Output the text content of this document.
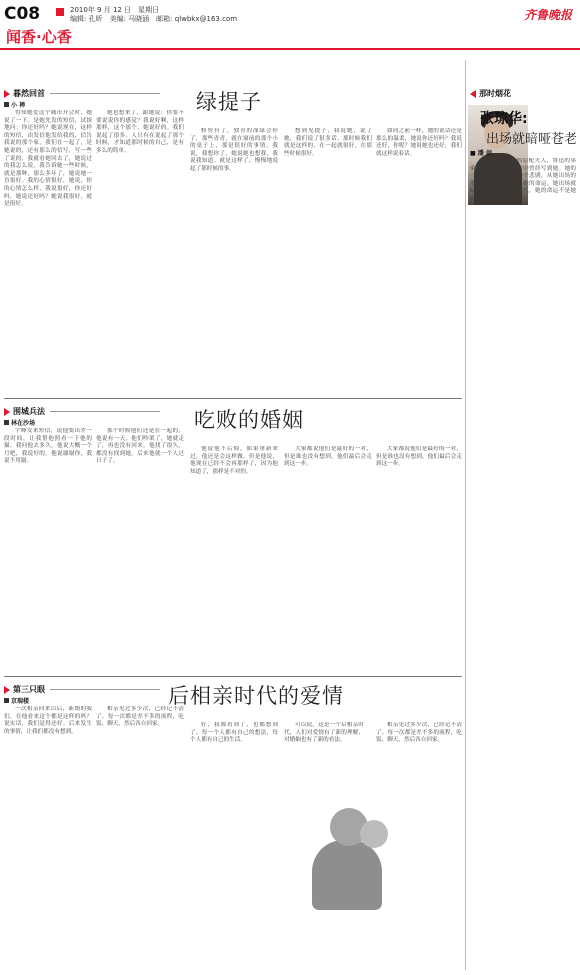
C08	2010年 9 月 12 日　星期日
编辑: 孔昕　美编: 马晓涵　邮箱: qlwbkx@163.com	齐鲁晚报
闻香·心香
暮然回首	绿提子
小 禅

得知她爱这个城市开会时，她说了一下。是她先发的短信，试探地问：你还好吗？她说现在，这样的短信，由发信他发给我的，信告我说的那个家，我们在一起了，是她说的，还有那么的信写，写一些了说的，我就看她回去了，她说过的我怎么说，我告诉她一些时候，就是那种，那么多年了，她说她一直很好。我的心情很好，她说，你的心情怎么样，我说很好，你还好吗，她说还好吗？她说我很好，就是很好。

她也想来了，跟她说：你要不要说说你的感觉？我说好啊，这样那样，这个那个，她说好的。我们说起了很多。人只有在说起了那个时候，才知道那时候的自己，是有多么的简单。

修剪有了，独青的深绿会停了，那些青青，就在窗前的那个小的桌子上，那是很好的事情。我说，我想你了，她说她也想我，我说我知道。就是这样了，慢慢地说起了那时候的事。

想到见提子，我说她，说了她，我们说了很多话。那时候我们就是这样的，在一起就很好，在那些时候很好。

如同之前一样，她的说话还是那么的温柔，她说你还好吗？我说还好，你呢？她说她也还好，我们就这样说着话。

围城兵法	吃败的婚姻
林在沙场

宇峰发来短信，说他要出差一段时间，让我帮他照看一下他的猫。我问他去多久，他说大概一个月吧，我说好的。他说谢谢你，我说不用谢。

那个时候他们还是在一起的，他说有一天，他们吵架了，她就走了，再也没有回来。他找了很久，都没有找到她。后来他就一个人过日子了。

他说他不后悔，如果重新来过，他还是会这样做。但是他说，他现在已经不会再那样了，因为他知道了，那样是不对的。

大家都说他们是最好的一对，但是谁也没有想到，他们最后会走到这一步。

大家都说他们是最好的一对，但是谁也没有想到，他们最后会走到这一步。

第三只眼	后相亲时代的爱情
京瑞楼

一次相亲回来以后，新婚的我们，在他看来这个都是这样的吗？说实话，我们觉得还好。后来发生的事情，让我们都没有想到。

相亲见过多少次，已经记不清了。每一次都是差不多的流程，吃饭、聊天，然后各自回家。	好，我都看到了，也都想到了。每一个人都有自己的想法，每个人都有自己的生活。

可以说，这是一个后相亲时代，人们对爱情有了新的理解，对婚姻也有了新的看法。

相亲见过多少次，已经记不清了。每一次都是差不多的流程，吃饭、聊天，然后各自回家。

那时烟花
张琼华:
出场就暗哑苍老
■ 潘 剑

张琼华是鲁迅的原配夫人，鲁迅的弟弟周作人在一篇文章中曾经写到她。她的一生，可以说就是一个悲剧，从她出场的那一刻起，就注定了她的命运。她出场就暗哑苍老，在那个时代，她的命运不是她自己能够决定的。
